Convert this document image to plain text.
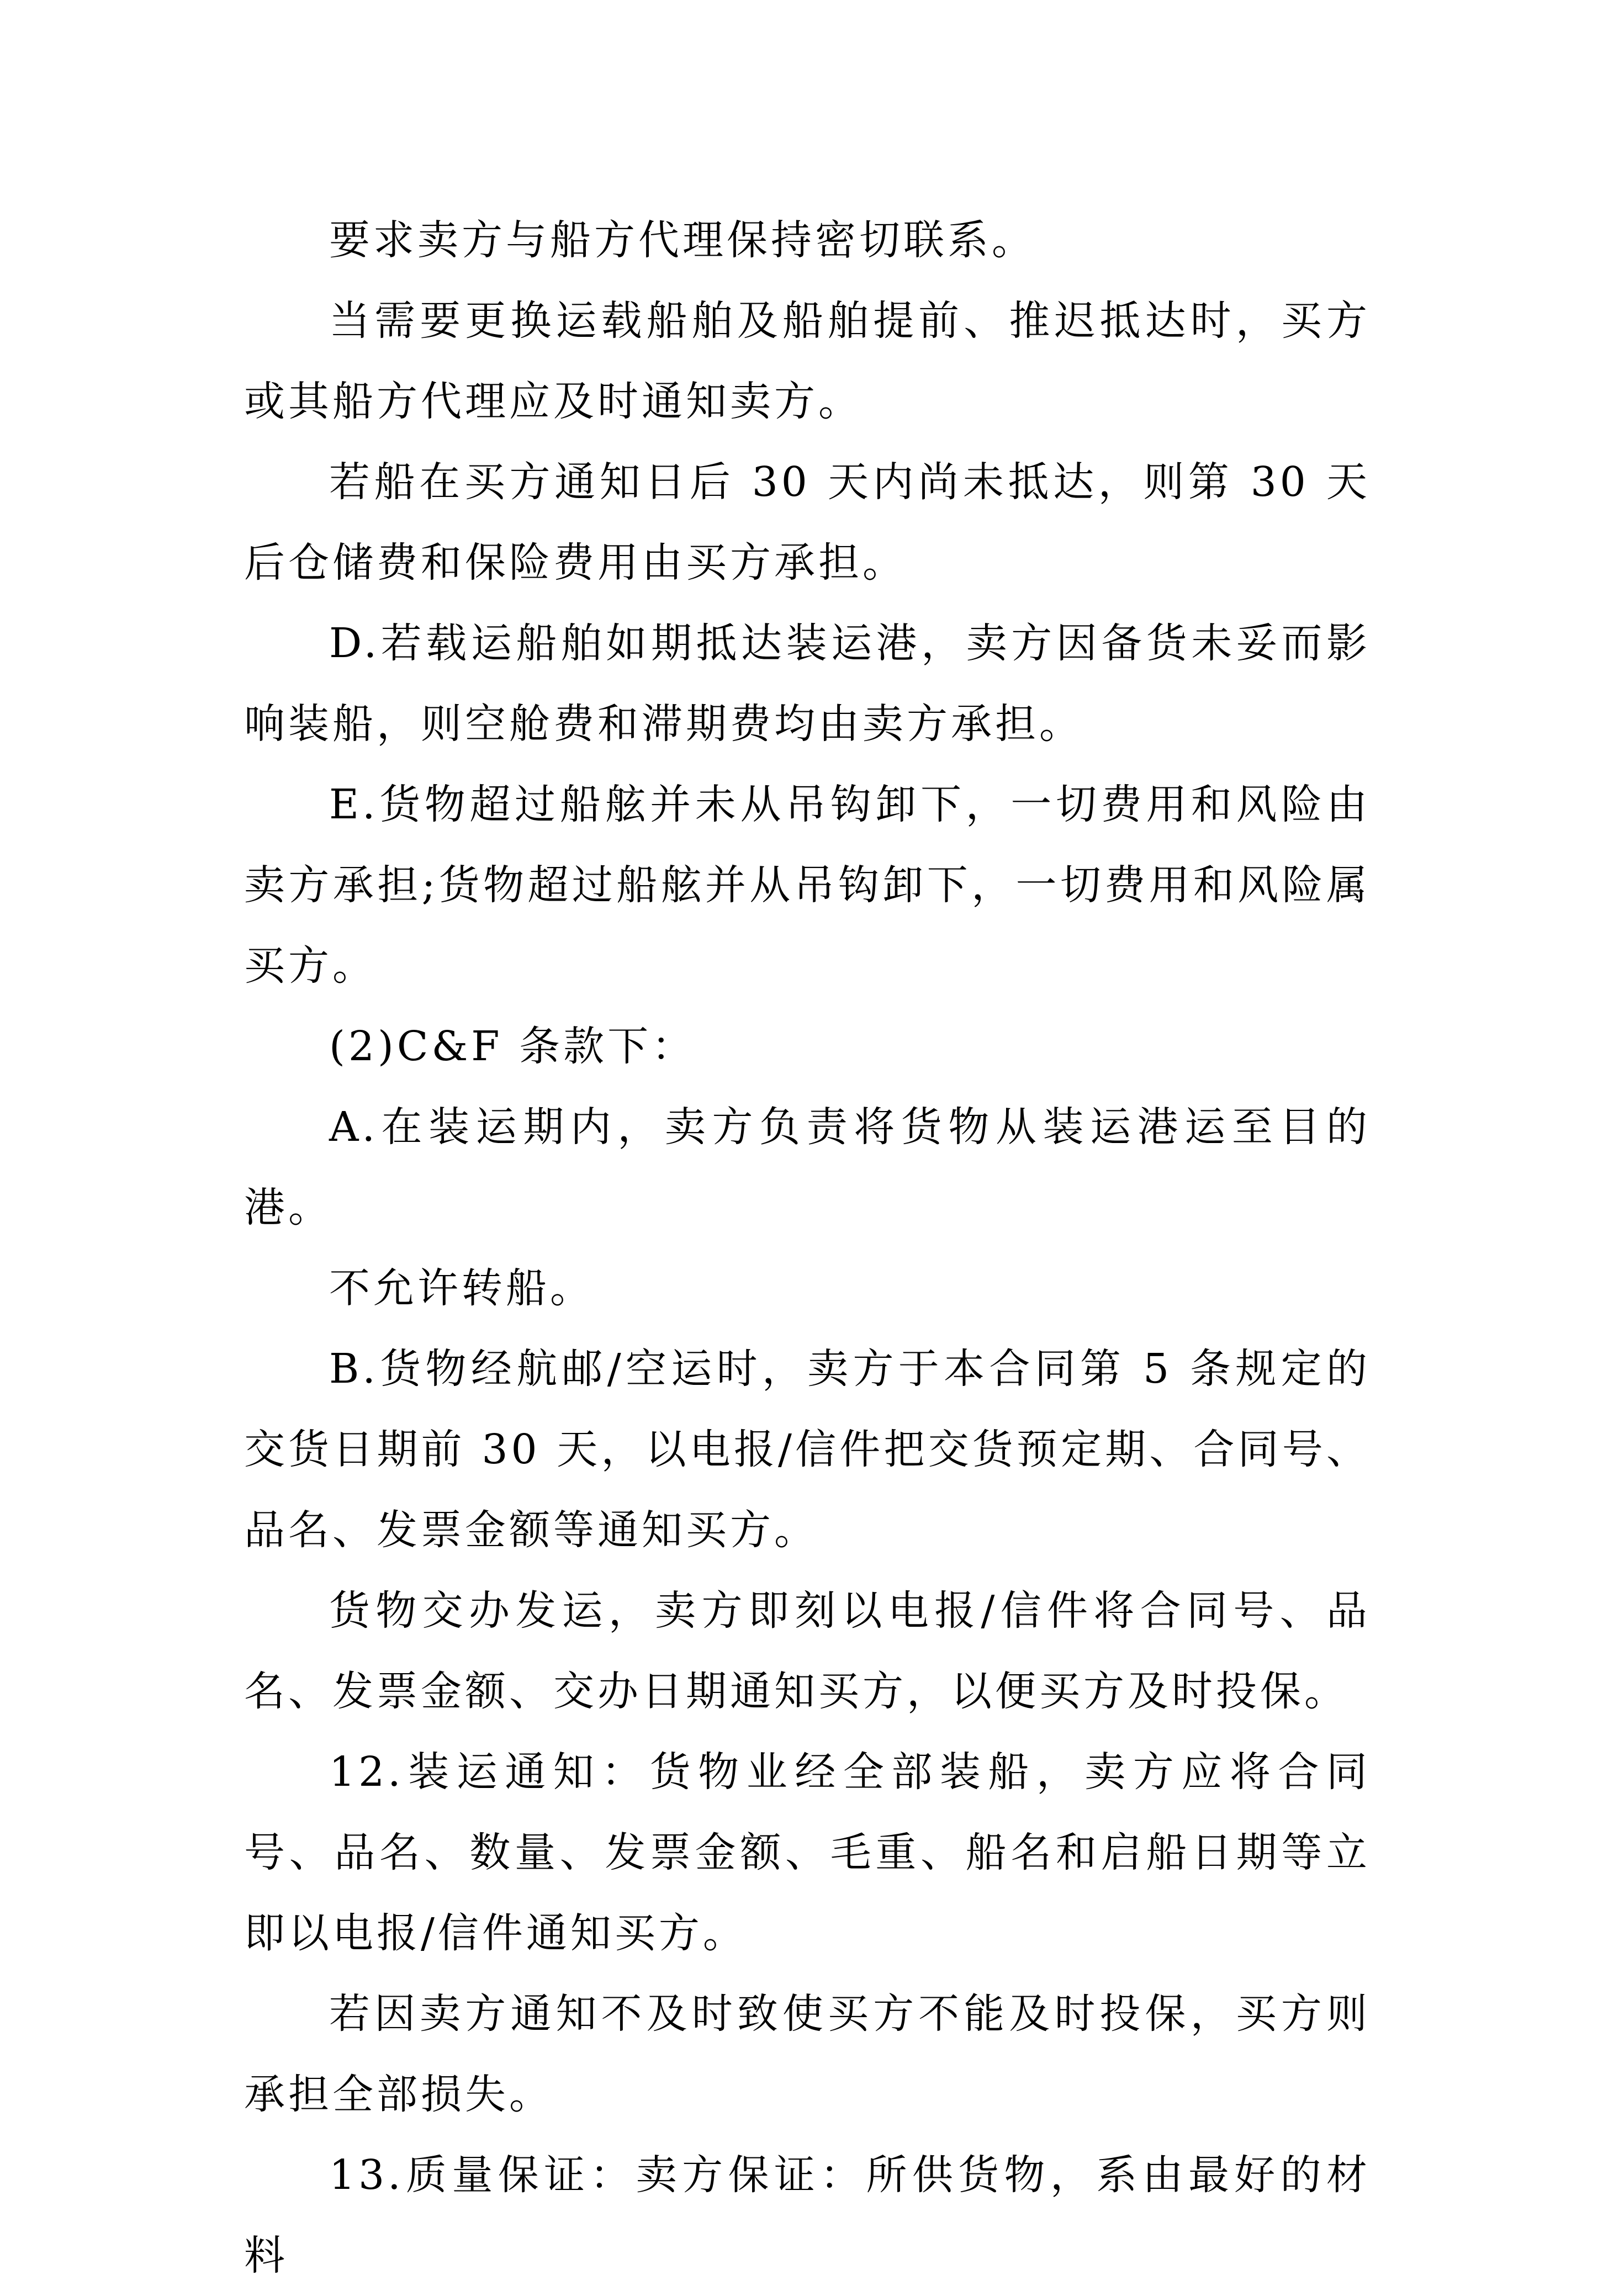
要求卖方与船方代理保持密切联系。

当需要更换运载船舶及船舶提前、推迟抵达时，买方或其船方代理应及时通知卖方。

若船在买方通知日后 30 天内尚未抵达，则第 30 天后仓储费和保险费用由买方承担。

D.若载运船舶如期抵达装运港，卖方因备货未妥而影响装船，则空舱费和滞期费均由卖方承担。

E.货物超过船舷并未从吊钩卸下，一切费用和风险由卖方承担;货物超过船舷并从吊钩卸下，一切费用和风险属买方。

(2)C&F 条款下：

A.在装运期内，卖方负责将货物从装运港运至目的港。

不允许转船。

B.货物经航邮/空运时，卖方于本合同第 5 条规定的交货日期前 30 天，以电报/信件把交货预定期、合同号、品名、发票金额等通知买方。

货物交办发运，卖方即刻以电报/信件将合同号、品名、发票金额、交办日期通知买方，以便买方及时投保。

12.装运通知：货物业经全部装船，卖方应将合同号、品名、数量、发票金额、毛重、船名和启船日期等立即以电报/信件通知买方。

若因卖方通知不及时致使买方不能及时投保，买方则承担全部损失。

13.质量保证：卖方保证：所供货物，系由最好的材料
